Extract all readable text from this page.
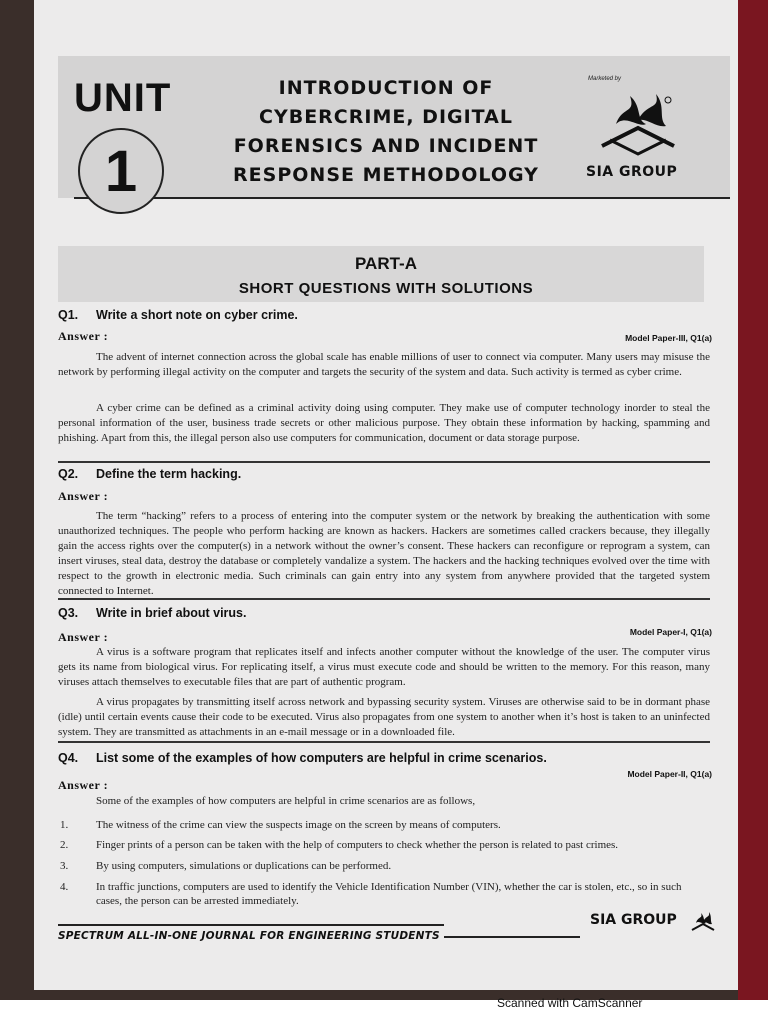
UNIT
1
INTRODUCTION OF
CYBERCRIME, DIGITAL
FORENSICS AND INCIDENT
RESPONSE METHODOLOGY
Marketed by
SIA GROUP
PART-A
SHORT QUESTIONS WITH SOLUTIONS
Q1. Write a short note on cyber crime.
Answer :	Model Paper-III, Q1(a)
The advent of internet connection across the global scale has enable millions of user to connect via computer. Many users may misuse the network by performing illegal activity on the computer and targets the security of the system and data. Such activity is termed as cyber crime.
A cyber crime can be defined as a criminal activity doing using computer. They make use of computer technology inorder to steal the personal information of the user, business trade secrets or other malicious purpose. They obtain these information by hacking, spamming and phishing. Apart from this, the illegal person also use computers for communication, document or data storage purpose.
Q2. Define the term hacking.
Answer :
The term “hacking” refers to a process of entering into the computer system or the network by breaking the authentication with some unauthorized techniques. The people who perform hacking are known as hackers. Hackers are sometimes called crackers because, they illegally gain the access rights over the computer(s) in a network without the owner’s consent. These hackers can reconfigure or reprogram a system, can insert viruses, steal data, destroy the database or completely vandalize a system. The hackers and the hacking techniques evolved over the time with respect to the growth in electronic media. Such criminals can gain entry into any system from anywhere provided that the targeted system connected to Internet.
Q3. Write in brief about virus.
Model Paper-I, Q1(a)
Answer :
A virus is a software program that replicates itself and infects another computer without the knowledge of the user. The computer virus gets its name from biological virus. For replicating itself, a virus must execute code and should be written to the memory. For this reason, many viruses attach themselves to executable files that are part of authentic program.
A virus propagates by transmitting itself across network and bypassing security system. Viruses are otherwise said to be in dormant phase (idle) until certain events cause their code to be executed. Virus also propagates from one system to another when it’s host is taken to an uninfected system. They are transmitted as attachments in an e-mail message or in a downloaded file.
Q4. List some of the examples of how computers are helpful in crime scenarios.
Model Paper-II, Q1(a)
Answer :
Some of the examples of how computers are helpful in crime scenarios are as follows,
1.	The witness of the crime can view the suspects image on the screen by means of computers.
2.	Finger prints of a person can be taken with the help of computers to check whether the person is related to past crimes.
3.	By using computers, simulations or duplications can be performed.
4.	In traffic junctions, computers are used to identify the Vehicle Identification Number (VIN), whether the car is stolen, etc., so in such cases, the person can be arrested immediately.
SPECTRUM ALL-IN-ONE JOURNAL FOR ENGINEERING STUDENTS
SIA GROUP
Scanned with CamScanner
